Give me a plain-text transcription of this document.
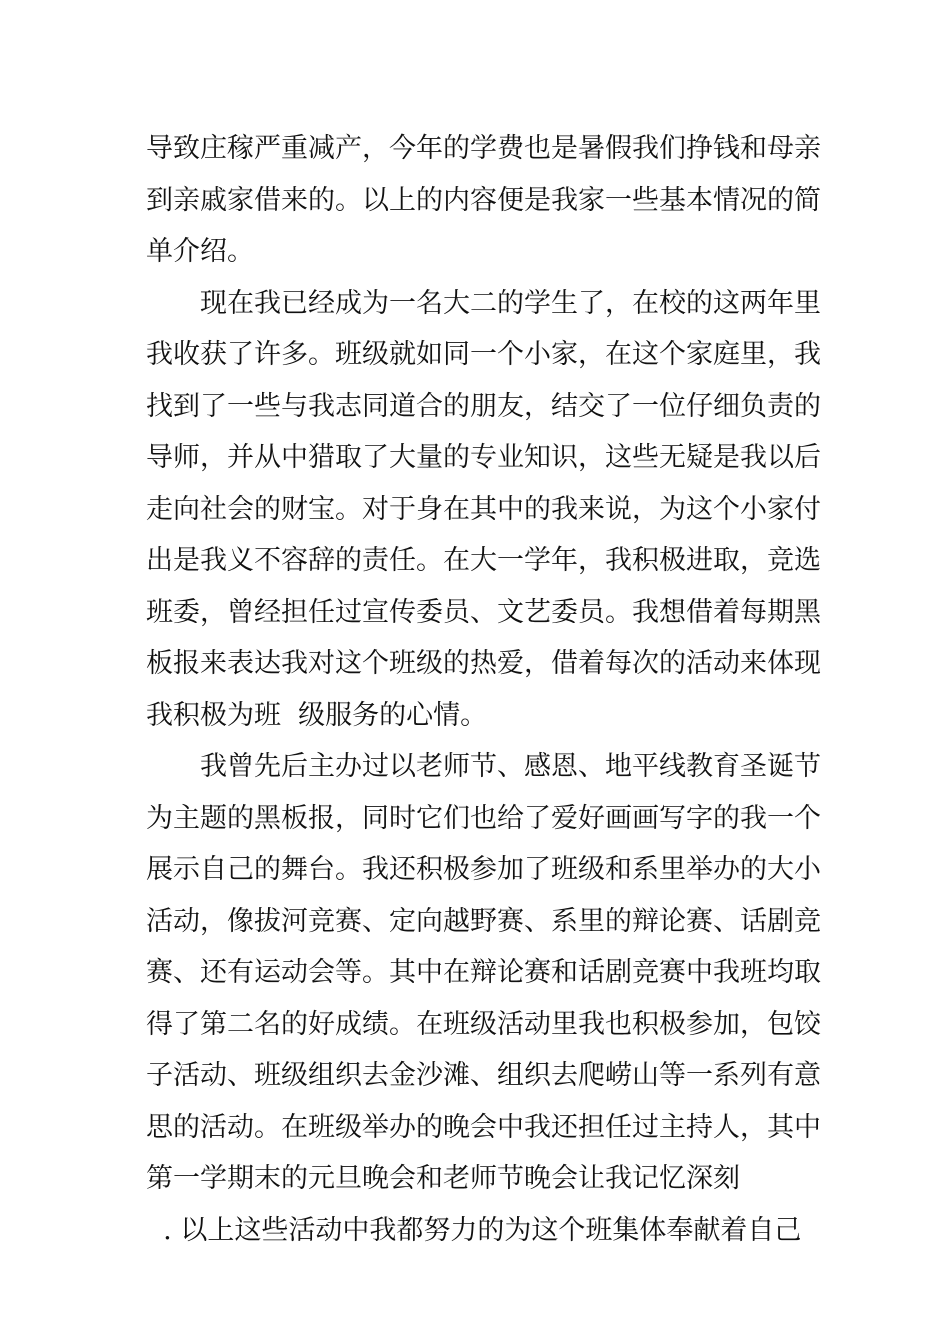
导致庄稼严重减产，今年的学费也是暑假我们挣钱和母亲
到亲戚家借来的。以上的内容便是我家一些基本情况的简
单介绍。
　　现在我已经成为一名大二的学生了，在校的这两年里
我收获了许多。班级就如同一个小家，在这个家庭里，我
找到了一些与我志同道合的朋友，结交了一位仔细负责的
导师，并从中猎取了大量的专业知识，这些无疑是我以后
走向社会的财宝。对于身在其中的我来说，为这个小家付
出是我义不容辞的责任。在大一学年，我积极进取，竞选
班委，曾经担任过宣传委员、文艺委员。我想借着每期黑
板报来表达我对这个班级的热爱，借着每次的活动来体现
我积极为班  级服务的心情。
　　我曾先后主办过以老师节、感恩、地平线教育圣诞节
为主题的黑板报，同时它们也给了爱好画画写字的我一个
展示自己的舞台。我还积极参加了班级和系里举办的大小
活动，像拔河竞赛、定向越野赛、系里的辩论赛、话剧竞
赛、还有运动会等。其中在辩论赛和话剧竞赛中我班均取
得了第二名的好成绩。在班级活动里我也积极参加，包饺
子活动、班级组织去金沙滩、组织去爬崂山等一系列有意
思的活动。在班级举办的晚会中我还担任过主持人，其中
第一学期末的元旦晚会和老师节晚会让我记忆深刻
. 以上这些活动中我都努力的为这个班集体奉献着自己
